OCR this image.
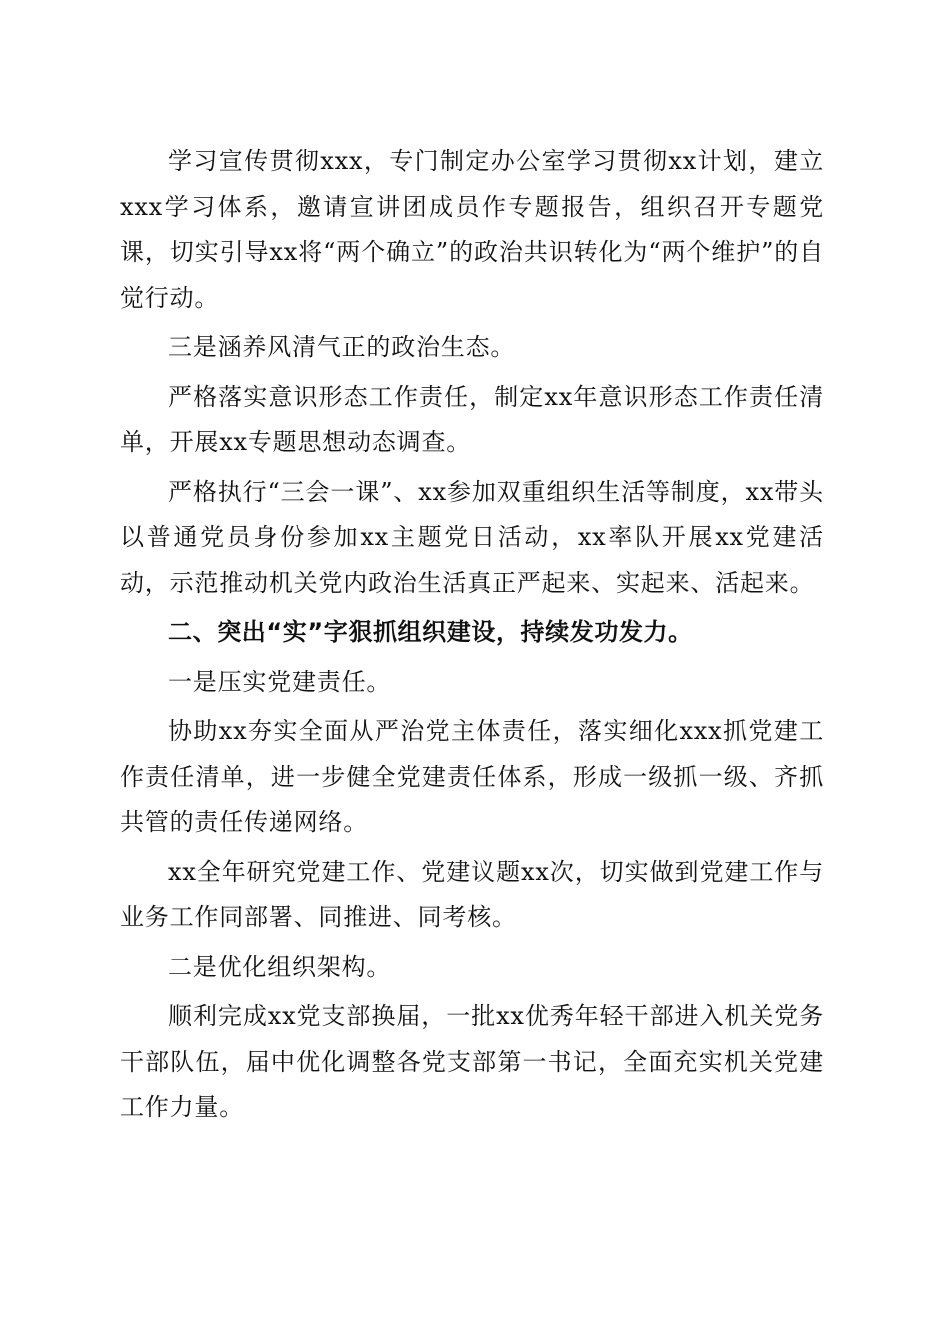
学习宣传贯彻xxx，专门制定办公室学习贯彻xx计划，建立xxx学习体系，邀请宣讲团成员作专题报告，组织召开专题党课，切实引导xx将“两个确立”的政治共识转化为“两个维护”的自觉行动。

三是涵养风清气正的政治生态。

严格落实意识形态工作责任，制定xx年意识形态工作责任清单，开展xx专题思想动态调查。

严格执行“三会一课”、xx参加双重组织生活等制度，xx带头以普通党员身份参加xx主题党日活动，xx率队开展xx党建活动，示范推动机关党内政治生活真正严起来、实起来、活起来。

二、突出“实”字狠抓组织建设，持续发功发力。

一是压实党建责任。

协助xx夯实全面从严治党主体责任，落实细化xxx抓党建工作责任清单，进一步健全党建责任体系，形成一级抓一级、齐抓共管的责任传递网络。

xx全年研究党建工作、党建议题xx次，切实做到党建工作与业务工作同部署、同推进、同考核。

二是优化组织架构。

顺利完成xx党支部换届，一批xx优秀年轻干部进入机关党务干部队伍，届中优化调整各党支部第一书记，全面充实机关党建工作力量。
